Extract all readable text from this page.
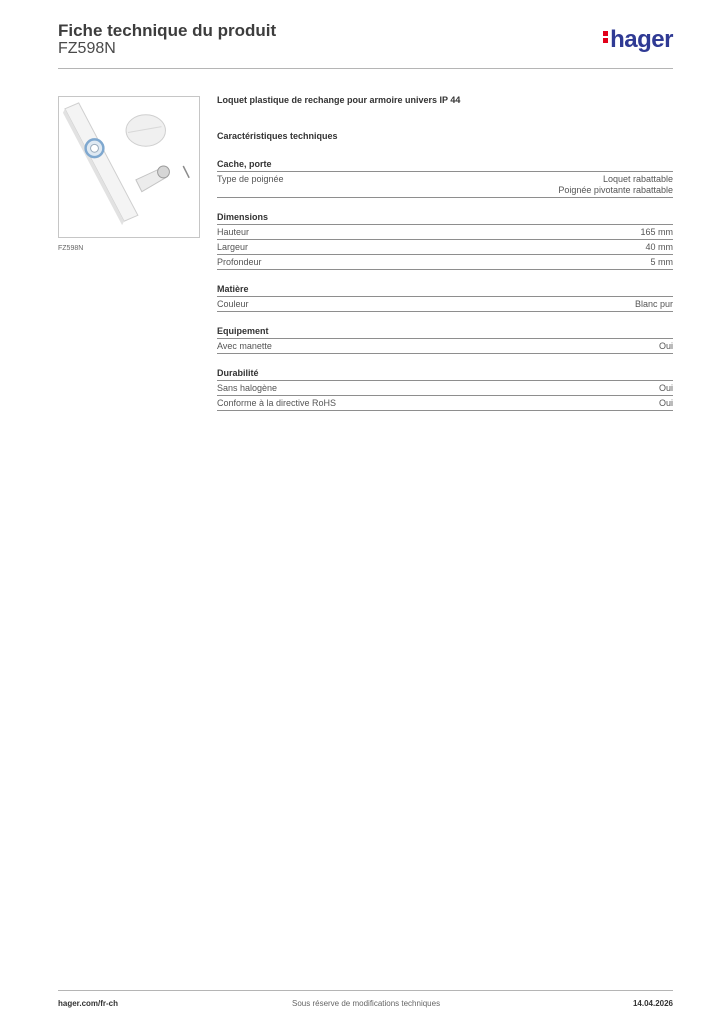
Fiche technique du produit
FZ598N	hager
FZ598N
Loquet plastique de rechange pour armoire univers IP 44
Caractéristiques techniques
Cache, porte
Type de poignée	Loquet rabattable
Poignée pivotante rabattable
Dimensions
Hauteur	165 mm
Largeur	40 mm
Profondeur	5 mm
Matière
Couleur	Blanc pur
Equipement
Avec manette	Oui
Durabilité
Sans halogène	Oui
Conforme à la directive RoHS	Oui
hager.com/fr-ch	Sous réserve de modifications techniques	14.04.2026
